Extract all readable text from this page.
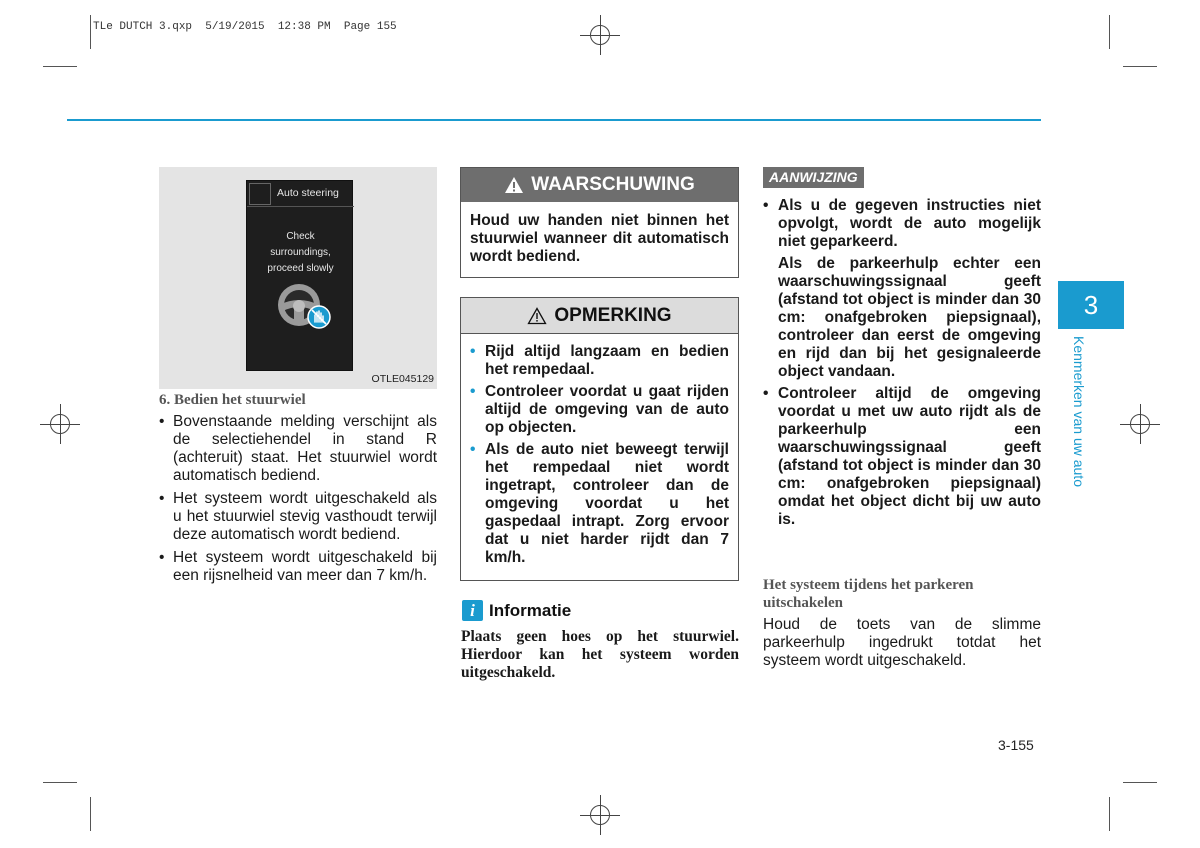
TLe DUTCH 3.qxp  5/19/2015  12:38 PM  Page 155
Auto steering
Check
surroundings,
proceed slowly
OTLE045129
6. Bedien het stuurwiel
• Bovenstaande melding verschijnt als de selectiehendel in stand R (achteruit) staat. Het stuurwiel wordt automatisch bediend.
• Het systeem wordt uitgeschakeld als u het stuurwiel stevig vasthoudt terwijl deze automatisch wordt bediend.
• Het systeem wordt uitgeschakeld bij een rijsnelheid van meer dan 7 km/h.
WAARSCHUWING
Houd uw handen niet binnen het stuurwiel wanneer dit automatisch wordt bediend.
OPMERKING
• Rijd altijd langzaam en bedien het rempedaal.
• Controleer voordat u gaat rijden altijd de omgeving van de auto op objecten.
• Als de auto niet beweegt terwijl het rempedaal niet wordt ingetrapt, controleer dan de omgeving voordat u het gaspedaal intrapt. Zorg ervoor dat u niet harder rijdt dan 7 km/h.
i Informatie
Plaats geen hoes op het stuurwiel. Hierdoor kan het systeem worden uitgeschakeld.
AANWIJZING
• Als u de gegeven instructies niet opvolgt, wordt de auto mogelijk niet geparkeerd.
Als de parkeerhulp echter een waarschuwingssignaal geeft (afstand tot object is minder dan 30 cm: onafgebroken piepsignaal), controleer dan eerst de omgeving en rijd dan bij het gesignaleerde object vandaan.
• Controleer altijd de omgeving voordat u met uw auto rijdt als de parkeerhulp een waarschuwingssignaal geeft (afstand tot object is minder dan 30 cm: onafgebroken piepsignaal) omdat het object dicht bij uw auto is.
Het systeem tijdens het parkeren uitschakelen
Houd de toets van de slimme parkeerhulp ingedrukt totdat het systeem wordt uitgeschakeld.
3-155
3
Kenmerken van uw auto
